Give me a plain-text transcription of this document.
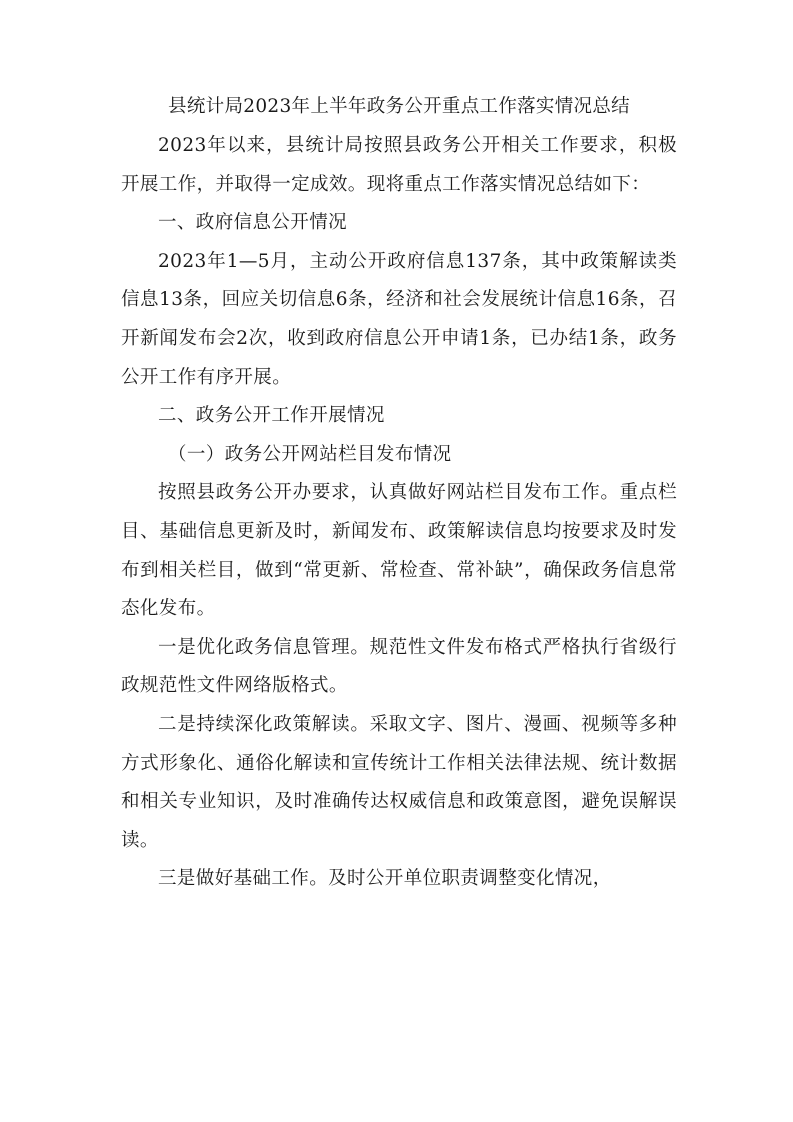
县统计局2023年上半年政务公开重点工作落实情况总结

2023年以来，县统计局按照县政务公开相关工作要求，积极开展工作，并取得一定成效。现将重点工作落实情况总结如下：

一、政府信息公开情况

2023年1—5月，主动公开政府信息137条，其中政策解读类信息13条，回应关切信息6条，经济和社会发展统计信息16条，召开新闻发布会2次，收到政府信息公开申请1条，已办结1条，政务公开工作有序开展。

二、政务公开工作开展情况

（一）政务公开网站栏目发布情况

按照县政务公开办要求，认真做好网站栏目发布工作。重点栏目、基础信息更新及时，新闻发布、政策解读信息均按要求及时发布到相关栏目，做到“常更新、常检查、常补缺”，确保政务信息常态化发布。

一是优化政务信息管理。规范性文件发布格式严格执行省级行政规范性文件网络版格式。

二是持续深化政策解读。采取文字、图片、漫画、视频等多种方式形象化、通俗化解读和宣传统计工作相关法律法规、统计数据和相关专业知识，及时准确传达权威信息和政策意图，避免误解误读。

三是做好基础工作。及时公开单位职责调整变化情况，
